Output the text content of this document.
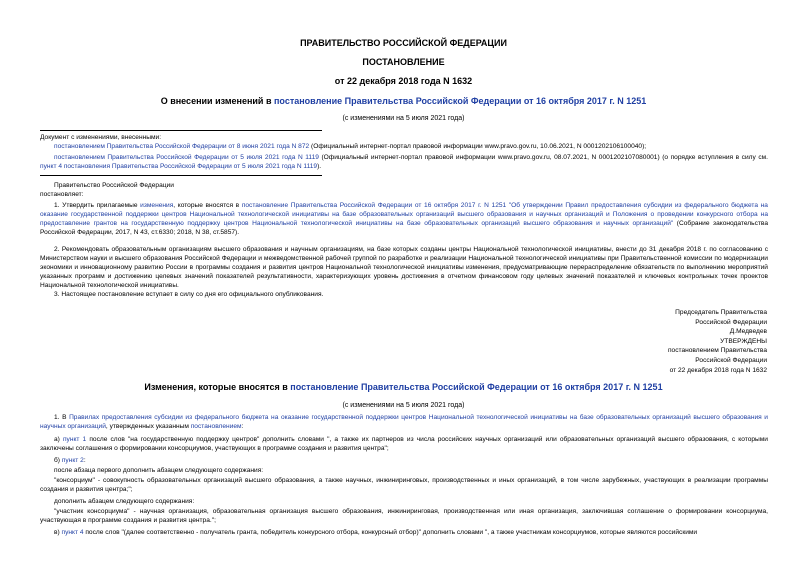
ПРАВИТЕЛЬСТВО РОССИЙСКОЙ ФЕДЕРАЦИИ
ПОСТАНОВЛЕНИЕ
от 22 декабря 2018 года N 1632
О внесении изменений в постановление Правительства Российской Федерации от 16 октября 2017 г. N 1251
(с изменениями на 5 июля 2021 года)
Документ с изменениями, внесенными:
постановлением Правительства Российской Федерации от 8 июня 2021 года N 872 (Официальный интернет-портал правовой информации www.pravo.gov.ru, 10.06.2021, N 0001202106100040);
постановлением Правительства Российской Федерации от 5 июля 2021 года N 1119 (Официальный интернет-портал правовой информации www.pravo.gov.ru, 08.07.2021, N 0001202107080001) (о порядке вступления в силу см. пункт 4 постановления Правительства Российской Федерации от 5 июля 2021 года N 1119).
Правительство Российской Федерации
постановляет:
1. Утвердить прилагаемые изменения, которые вносятся в постановление Правительства Российской Федерации от 16 октября 2017 г. N 1251 "Об утверждении Правил предоставления субсидии из федерального бюджета на оказание государственной поддержки центров Национальной технологической инициативы на базе образовательных организаций высшего образования и научных организаций и Положения о проведении конкурсного отбора на предоставление грантов на государственную поддержку центров Национальной технологической инициативы на базе образовательных организаций высшего образования и научных организаций" (Собрание законодательства Российской Федерации, 2017, N 43, ст.6330; 2018, N 38, ст.5857).
2. Рекомендовать образовательным организациям высшего образования и научным организациям, на базе которых созданы центры Национальной технологической инициативы, внести до 31 декабря 2018 г. по согласованию с Министерством науки и высшего образования Российской Федерации и межведомственной рабочей группой по разработке и реализации Национальной технологической инициативы при Правительственной комиссии по модернизации экономики и инновационному развитию России в программы создания и развития центров Национальной технологической инициативы изменения, предусматривающие перераспределение обязательств по выполнению мероприятий указанных программ и достижению целевых значений показателей результативности, характеризующих уровень достижения в отчетном финансовом году целевых значений показателей и ключевых контрольных точек проектов Национальной технологической инициативы.
3. Настоящее постановление вступает в силу со дня его официального опубликования.
Председатель Правительства
Российской Федерации
Д.Медведев
УТВЕРЖДЕНЫ
постановлением Правительства
Российской Федерации
от 22 декабря 2018 года N 1632
Изменения, которые вносятся в постановление Правительства Российской Федерации от 16 октября 2017 г. N 1251
(с изменениями на 5 июля 2021 года)
1. В Правилах предоставления субсидии из федерального бюджета на оказание государственной поддержки центров Национальной технологической инициативы на базе образовательных организаций высшего образования и научных организаций, утвержденных указанным постановлением:
а) пункт 1 после слов "на государственную поддержку центров" дополнить словами ", а также их партнеров из числа российских научных организаций или образовательных организаций высшего образования, с которыми заключены соглашения о формировании консорциумов, участвующих в программе создания и развития центра";
б) пункт 2:
после абзаца первого дополнить абзацем следующего содержания:
"консорциум" - совокупность образовательных организаций высшего образования, а также научных, инжиниринговых, производственных и иных организаций, в том числе зарубежных, участвующих в реализации программы создания и развития центра;";
дополнить абзацем следующего содержания:
"участник консорциума" - научная организация, образовательная организация высшего образования, инжиниринговая, производственная или иная организация, заключившая соглашение о формировании консорциума, участвующая в программе создания и развития центра.";
в) пункт 4 после слов "(далее соответственно - получатель гранта, победитель конкурсного отбора, конкурсный отбор)" дополнить словами ", а также участникам консорциумов, которые являются российскими
